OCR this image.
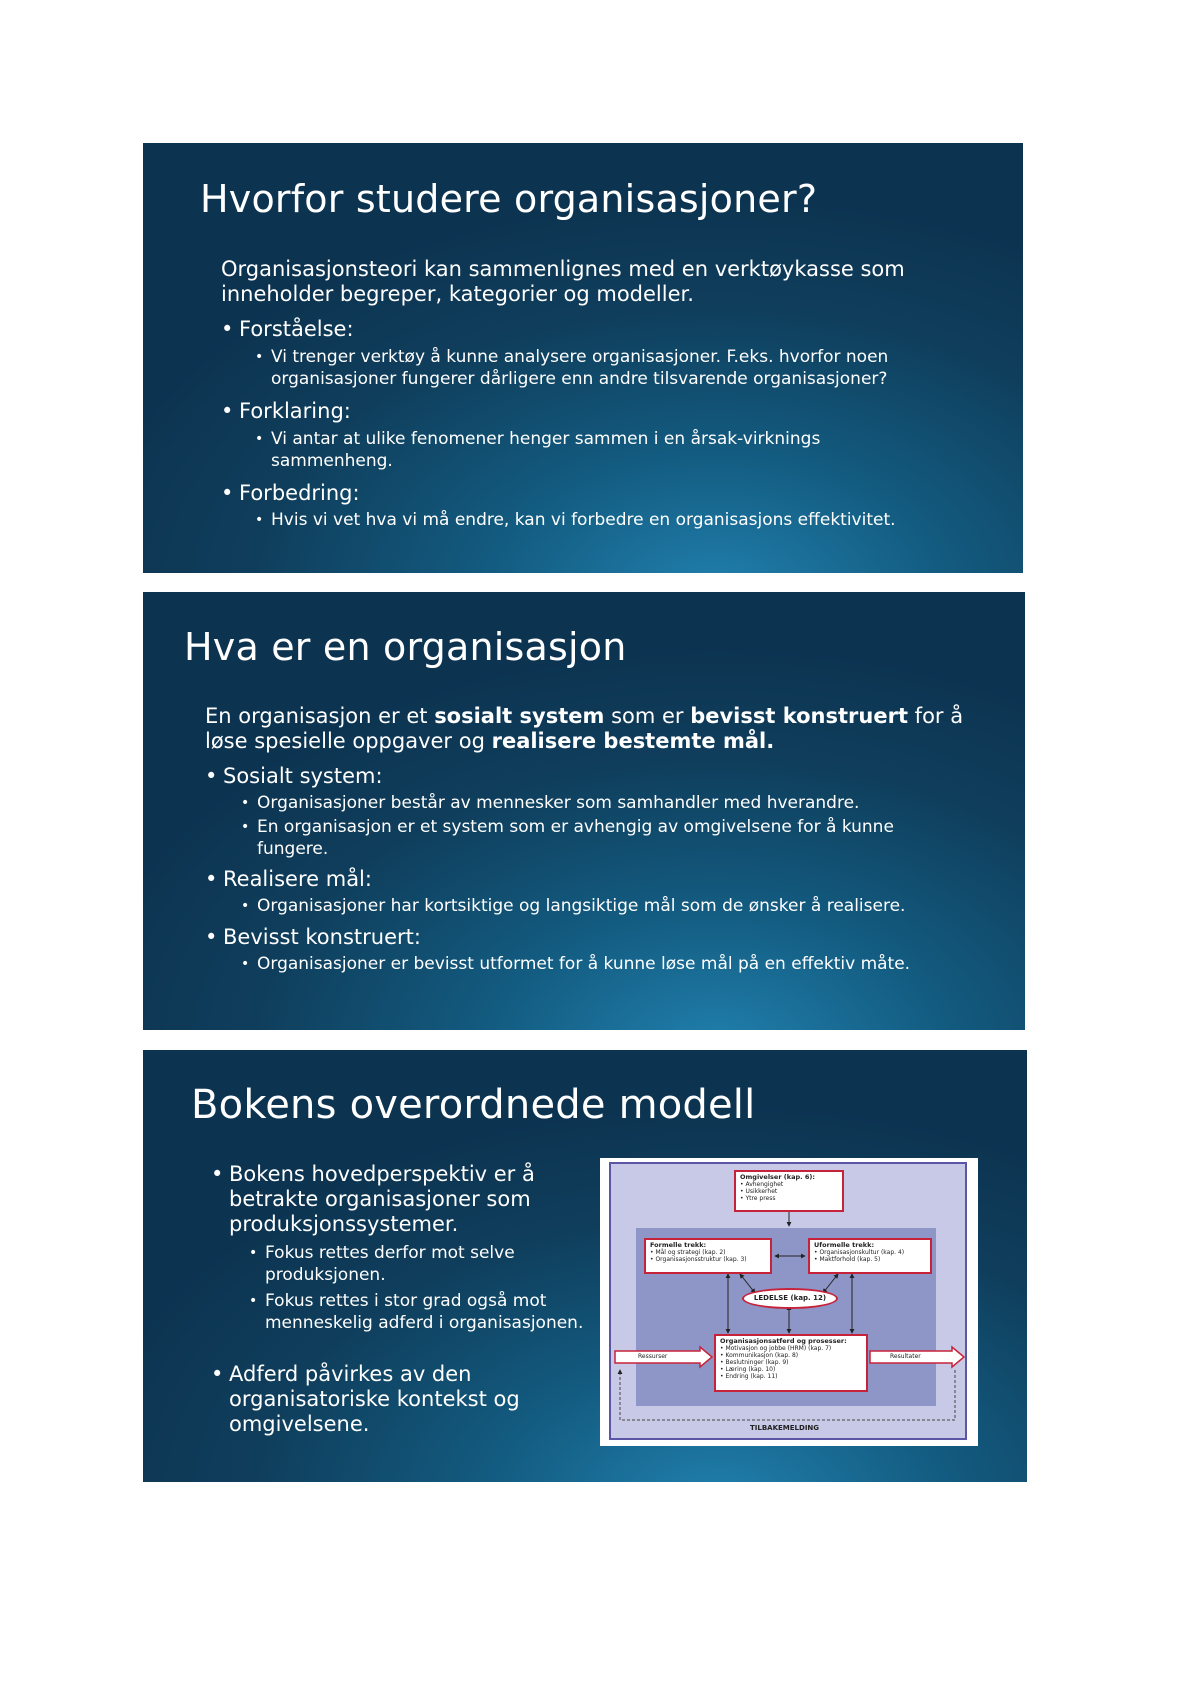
Hvorfor studere organisasjoner?

Organisasjonsteori kan sammenlignes med en verktøykasse som inneholder begreper, kategorier og modeller.

• Forståelse:

• Vi trenger verktøy å kunne analysere organisasjoner. F.eks. hvorfor noen organisasjoner fungerer dårligere enn andre tilsvarende organisasjoner?

• Forklaring:

• Vi antar at ulike fenomener henger sammen i en årsak-virknings sammenheng.

• Forbedring:

• Hvis vi vet hva vi må endre, kan vi forbedre en organisasjons effektivitet.

Hva er en organisasjon

En organisasjon er et sosialt system som er bevisst konstruert for å løse spesielle oppgaver og realisere bestemte mål.

• Sosialt system:

• Organisasjoner består av mennesker som samhandler med hverandre.

• En organisasjon er et system som er avhengig av omgivelsene for å kunne fungere.

• Realisere mål:

• Organisasjoner har kortsiktige og langsiktige mål som de ønsker å realisere.

• Bevisst konstruert:

• Organisasjoner er bevisst utformet for å kunne løse mål på en effektiv måte.

Bokens overordnede modell

• Bokens hovedperspektiv er å betrakte organisasjoner som produksjonssystemer.

• Fokus rettes derfor mot selve produksjonen.

• Fokus rettes i stor grad også mot menneskelig adferd i organisasjonen.

• Adferd påvirkes av den organisatoriske kontekst og omgivelsene.

Omgivelser (kap. 6):
• Avhengighet
• Usikkerhet
• Ytre press
Formelle trekk:
• Mål og strategi (kap. 2)
• Organisasjonsstruktur (kap. 3)
Uformelle trekk:
• Organisasjonskultur (kap. 4)
• Maktforhold (kap. 5)
LEDELSE (kap. 12)
Organisasjonsatferd og prosesser:
• Motivasjon og jobbe (HRM) (kap. 7)
• Kommunikasjon (kap. 8)
• Beslutninger (kap. 9)
• Læring (kap. 10)
• Endring (kap. 11)
Ressurser	Resultater
TILBAKEMELDING
